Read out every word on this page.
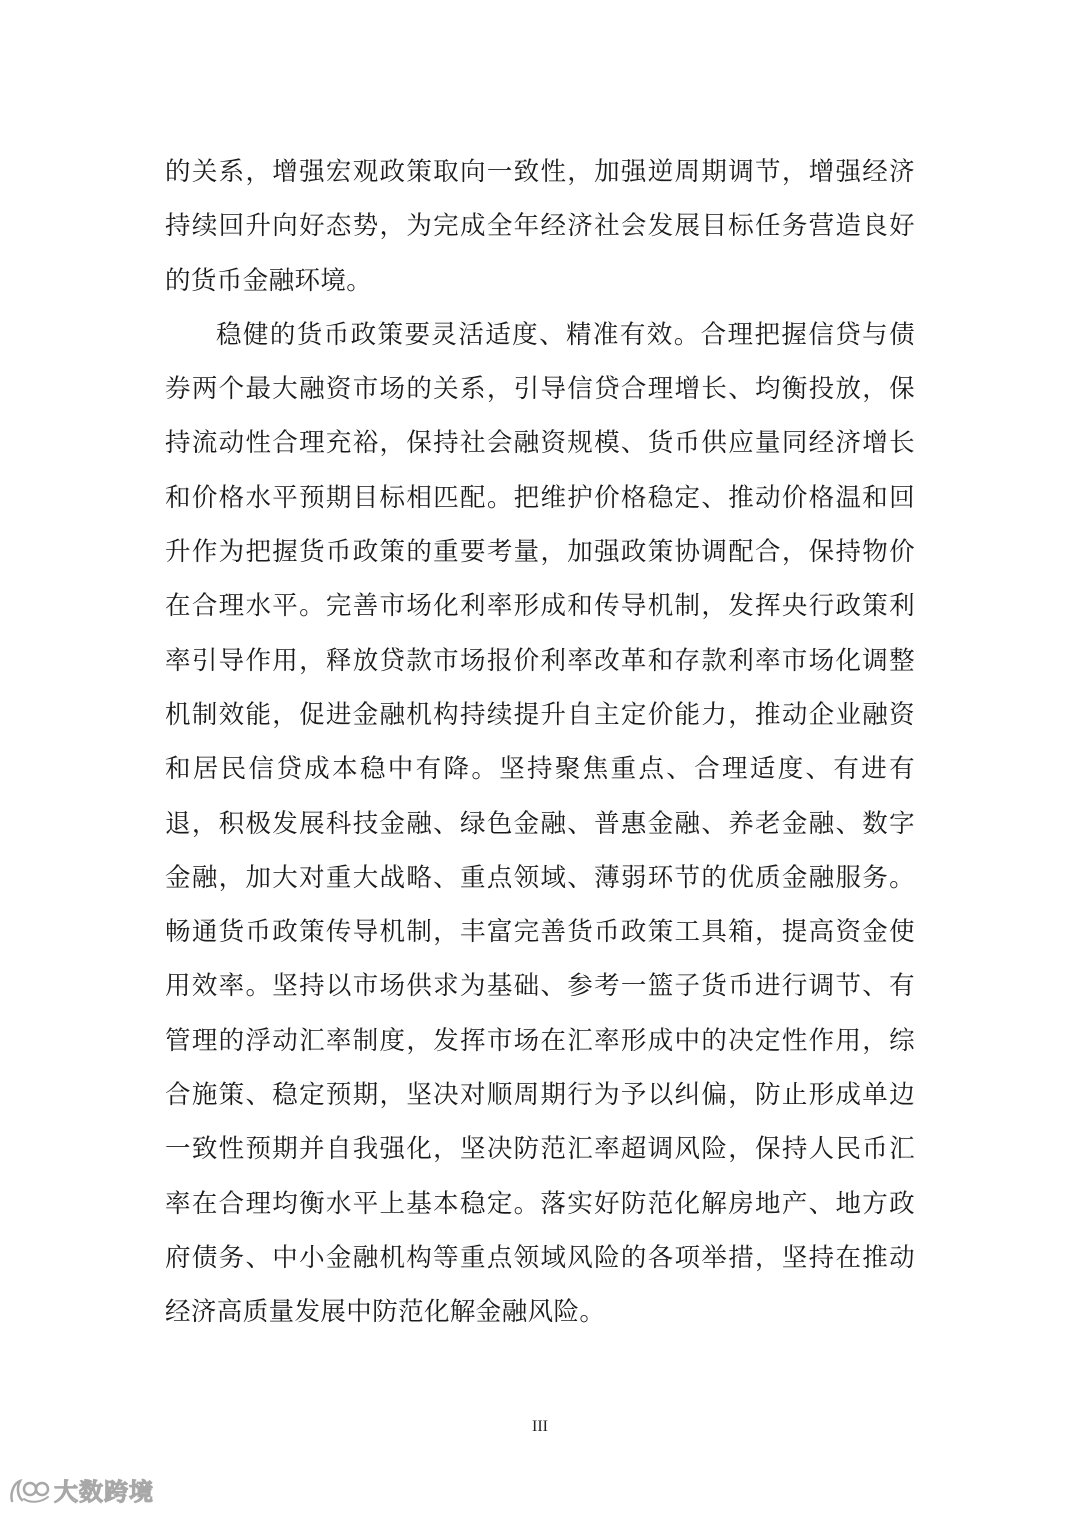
的关系，增强宏观政策取向一致性，加强逆周期调节，增强经济持续回升向好态势，为完成全年经济社会发展目标任务营造良好的货币金融环境。

稳健的货币政策要灵活适度、精准有效。合理把握信贷与债券两个最大融资市场的关系，引导信贷合理增长、均衡投放，保持流动性合理充裕，保持社会融资规模、货币供应量同经济增长和价格水平预期目标相匹配。把维护价格稳定、推动价格温和回升作为把握货币政策的重要考量，加强政策协调配合，保持物价在合理水平。完善市场化利率形成和传导机制，发挥央行政策利率引导作用，释放贷款市场报价利率改革和存款利率市场化调整机制效能，促进金融机构持续提升自主定价能力，推动企业融资和居民信贷成本稳中有降。坚持聚焦重点、合理适度、有进有退，积极发展科技金融、绿色金融、普惠金融、养老金融、数字金融，加大对重大战略、重点领域、薄弱环节的优质金融服务。畅通货币政策传导机制，丰富完善货币政策工具箱，提高资金使用效率。坚持以市场供求为基础、参考一篮子货币进行调节、有管理的浮动汇率制度，发挥市场在汇率形成中的决定性作用，综合施策、稳定预期，坚决对顺周期行为予以纠偏，防止形成单边一致性预期并自我强化，坚决防范汇率超调风险，保持人民币汇率在合理均衡水平上基本稳定。落实好防范化解房地产、地方政府债务、中小金融机构等重点领域风险的各项举措，坚持在推动经济高质量发展中防范化解金融风险。

III
大数跨境
